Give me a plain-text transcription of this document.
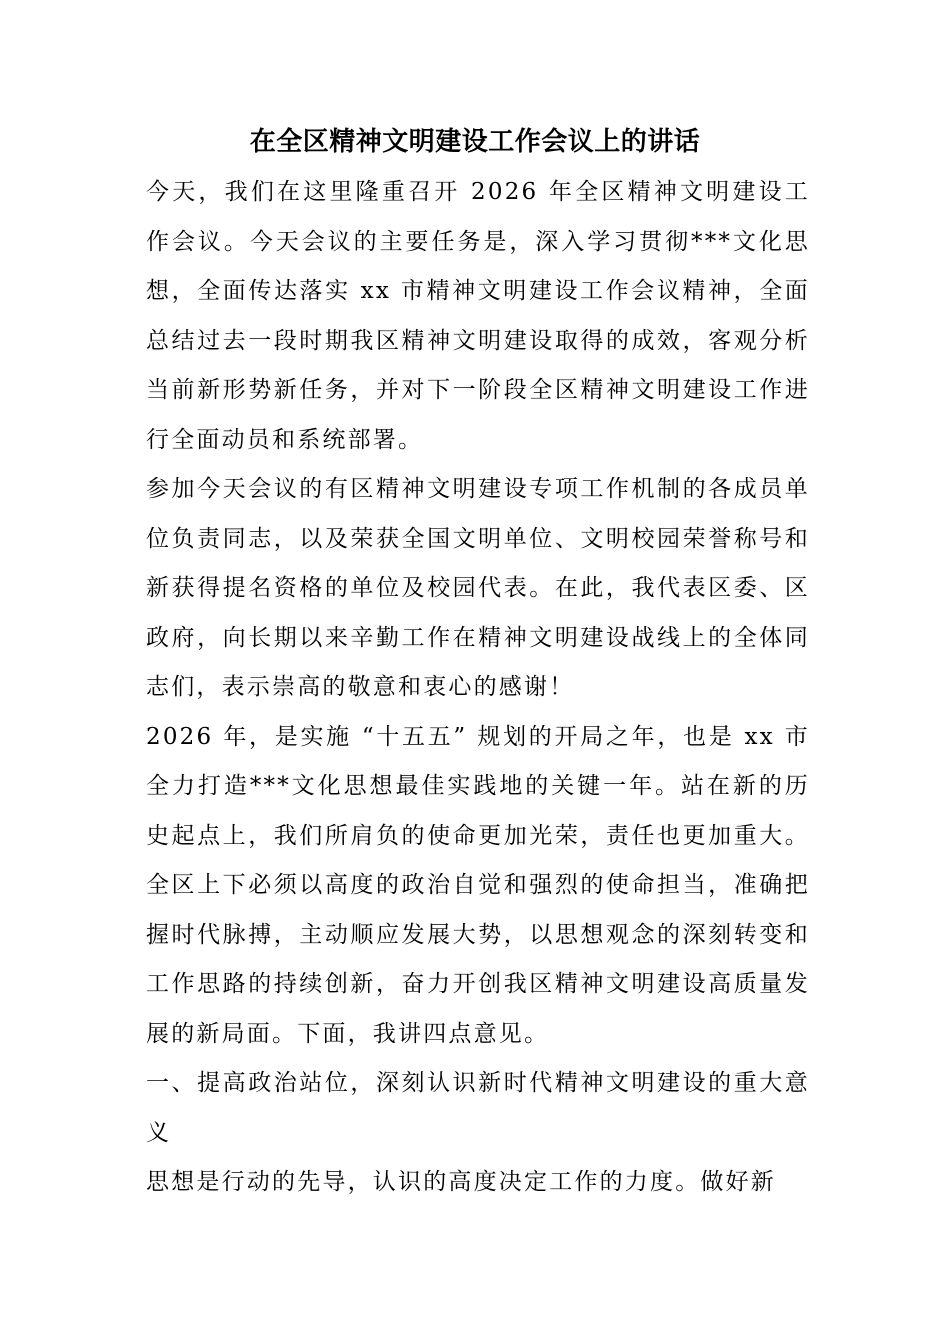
在全区精神文明建设工作会议上的讲话

今天，我们在这里隆重召开 2026 年全区精神文明建设工作会议。今天会议的主要任务是，深入学习贯彻***文化思想，全面传达落实 xx 市精神文明建设工作会议精神，全面总结过去一段时期我区精神文明建设取得的成效，客观分析当前新形势新任务，并对下一阶段全区精神文明建设工作进行全面动员和系统部署。

参加今天会议的有区精神文明建设专项工作机制的各成员单位负责同志，以及荣获全国文明单位、文明校园荣誉称号和新获得提名资格的单位及校园代表。在此，我代表区委、区政府，向长期以来辛勤工作在精神文明建设战线上的全体同志们，表示崇高的敬意和衷心的感谢！

2026 年，是实施 “十五五” 规划的开局之年，也是 xx 市全力打造***文化思想最佳实践地的关键一年。站在新的历史起点上，我们所肩负的使命更加光荣，责任也更加重大。全区上下必须以高度的政治自觉和强烈的使命担当，准确把握时代脉搏，主动顺应发展大势，以思想观念的深刻转变和工作思路的持续创新，奋力开创我区精神文明建设高质量发展的新局面。下面，我讲四点意见。

一、提高政治站位，深刻认识新时代精神文明建设的重大意义

思想是行动的先导，认识的高度决定工作的力度。做好新
